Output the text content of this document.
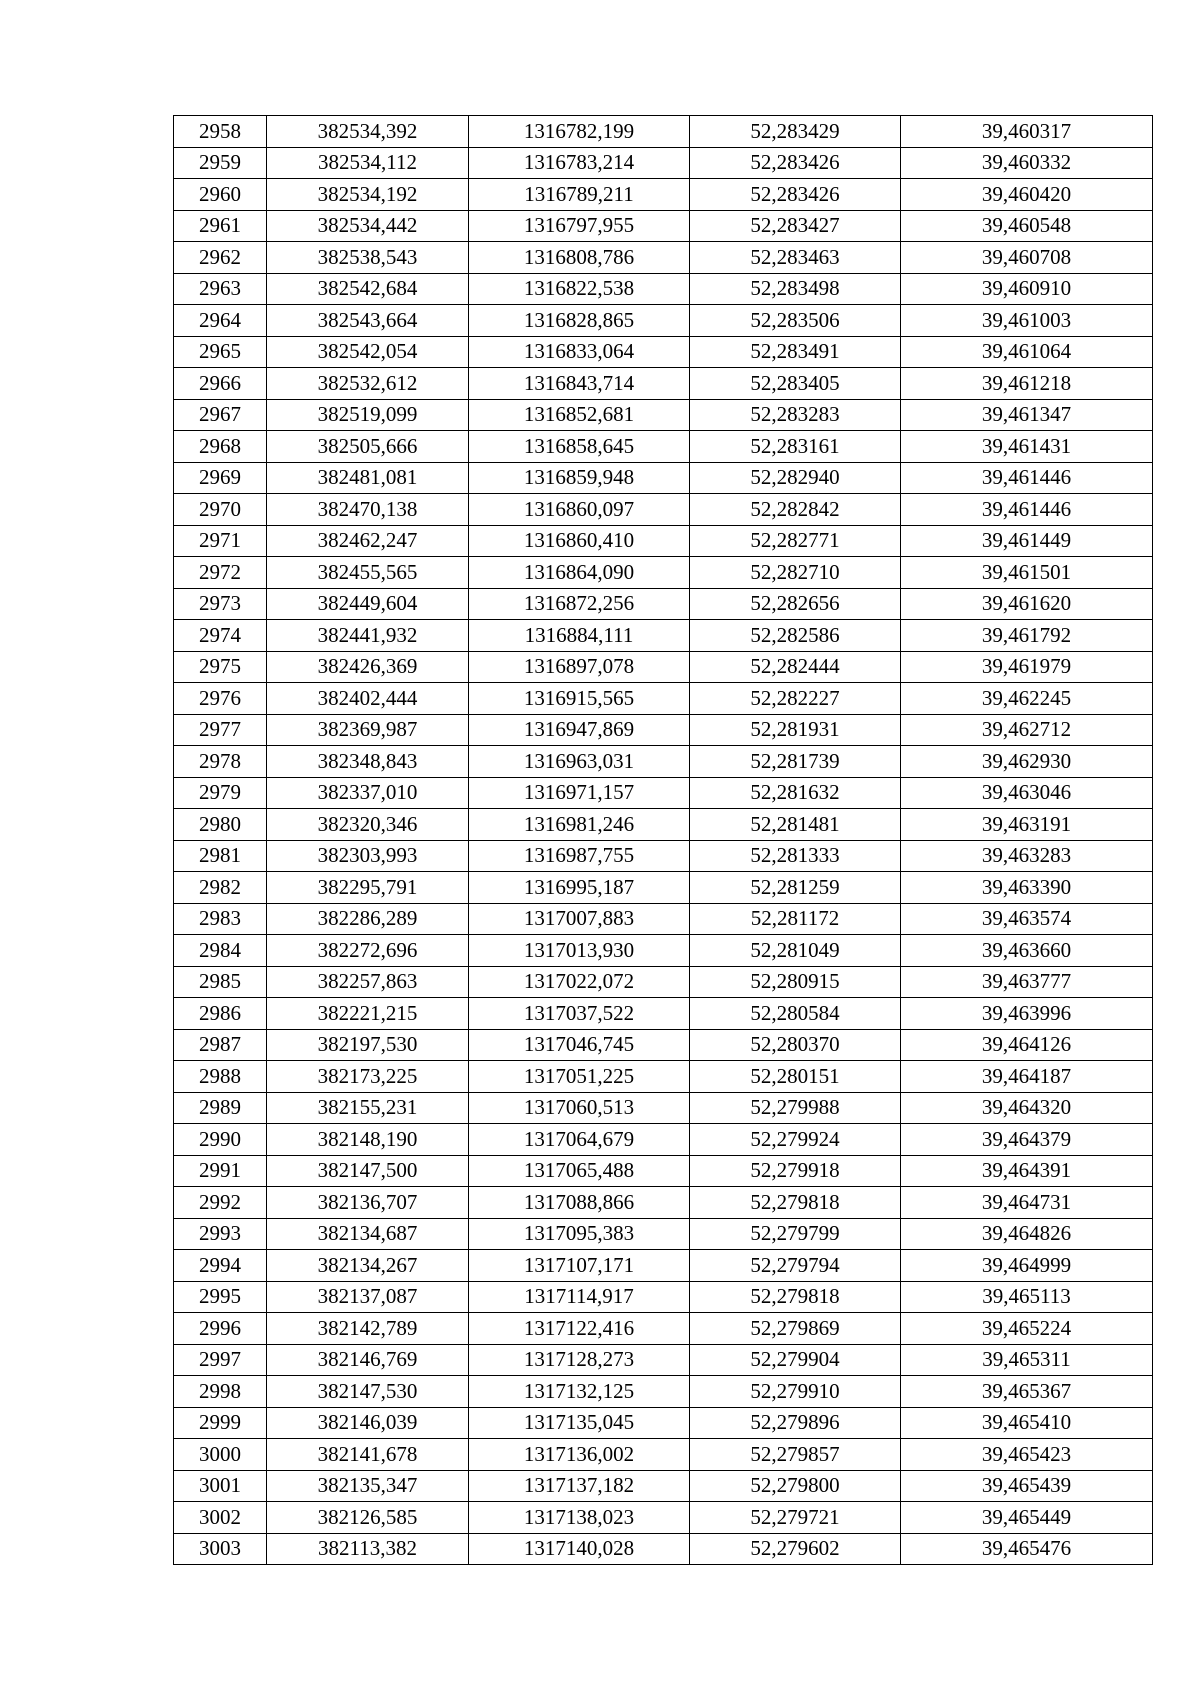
2958	382534,392	1316782,199	52,283429	39,460317
2959	382534,112	1316783,214	52,283426	39,460332
2960	382534,192	1316789,211	52,283426	39,460420
2961	382534,442	1316797,955	52,283427	39,460548
2962	382538,543	1316808,786	52,283463	39,460708
2963	382542,684	1316822,538	52,283498	39,460910
2964	382543,664	1316828,865	52,283506	39,461003
2965	382542,054	1316833,064	52,283491	39,461064
2966	382532,612	1316843,714	52,283405	39,461218
2967	382519,099	1316852,681	52,283283	39,461347
2968	382505,666	1316858,645	52,283161	39,461431
2969	382481,081	1316859,948	52,282940	39,461446
2970	382470,138	1316860,097	52,282842	39,461446
2971	382462,247	1316860,410	52,282771	39,461449
2972	382455,565	1316864,090	52,282710	39,461501
2973	382449,604	1316872,256	52,282656	39,461620
2974	382441,932	1316884,111	52,282586	39,461792
2975	382426,369	1316897,078	52,282444	39,461979
2976	382402,444	1316915,565	52,282227	39,462245
2977	382369,987	1316947,869	52,281931	39,462712
2978	382348,843	1316963,031	52,281739	39,462930
2979	382337,010	1316971,157	52,281632	39,463046
2980	382320,346	1316981,246	52,281481	39,463191
2981	382303,993	1316987,755	52,281333	39,463283
2982	382295,791	1316995,187	52,281259	39,463390
2983	382286,289	1317007,883	52,281172	39,463574
2984	382272,696	1317013,930	52,281049	39,463660
2985	382257,863	1317022,072	52,280915	39,463777
2986	382221,215	1317037,522	52,280584	39,463996
2987	382197,530	1317046,745	52,280370	39,464126
2988	382173,225	1317051,225	52,280151	39,464187
2989	382155,231	1317060,513	52,279988	39,464320
2990	382148,190	1317064,679	52,279924	39,464379
2991	382147,500	1317065,488	52,279918	39,464391
2992	382136,707	1317088,866	52,279818	39,464731
2993	382134,687	1317095,383	52,279799	39,464826
2994	382134,267	1317107,171	52,279794	39,464999
2995	382137,087	1317114,917	52,279818	39,465113
2996	382142,789	1317122,416	52,279869	39,465224
2997	382146,769	1317128,273	52,279904	39,465311
2998	382147,530	1317132,125	52,279910	39,465367
2999	382146,039	1317135,045	52,279896	39,465410
3000	382141,678	1317136,002	52,279857	39,465423
3001	382135,347	1317137,182	52,279800	39,465439
3002	382126,585	1317138,023	52,279721	39,465449
3003	382113,382	1317140,028	52,279602	39,465476
